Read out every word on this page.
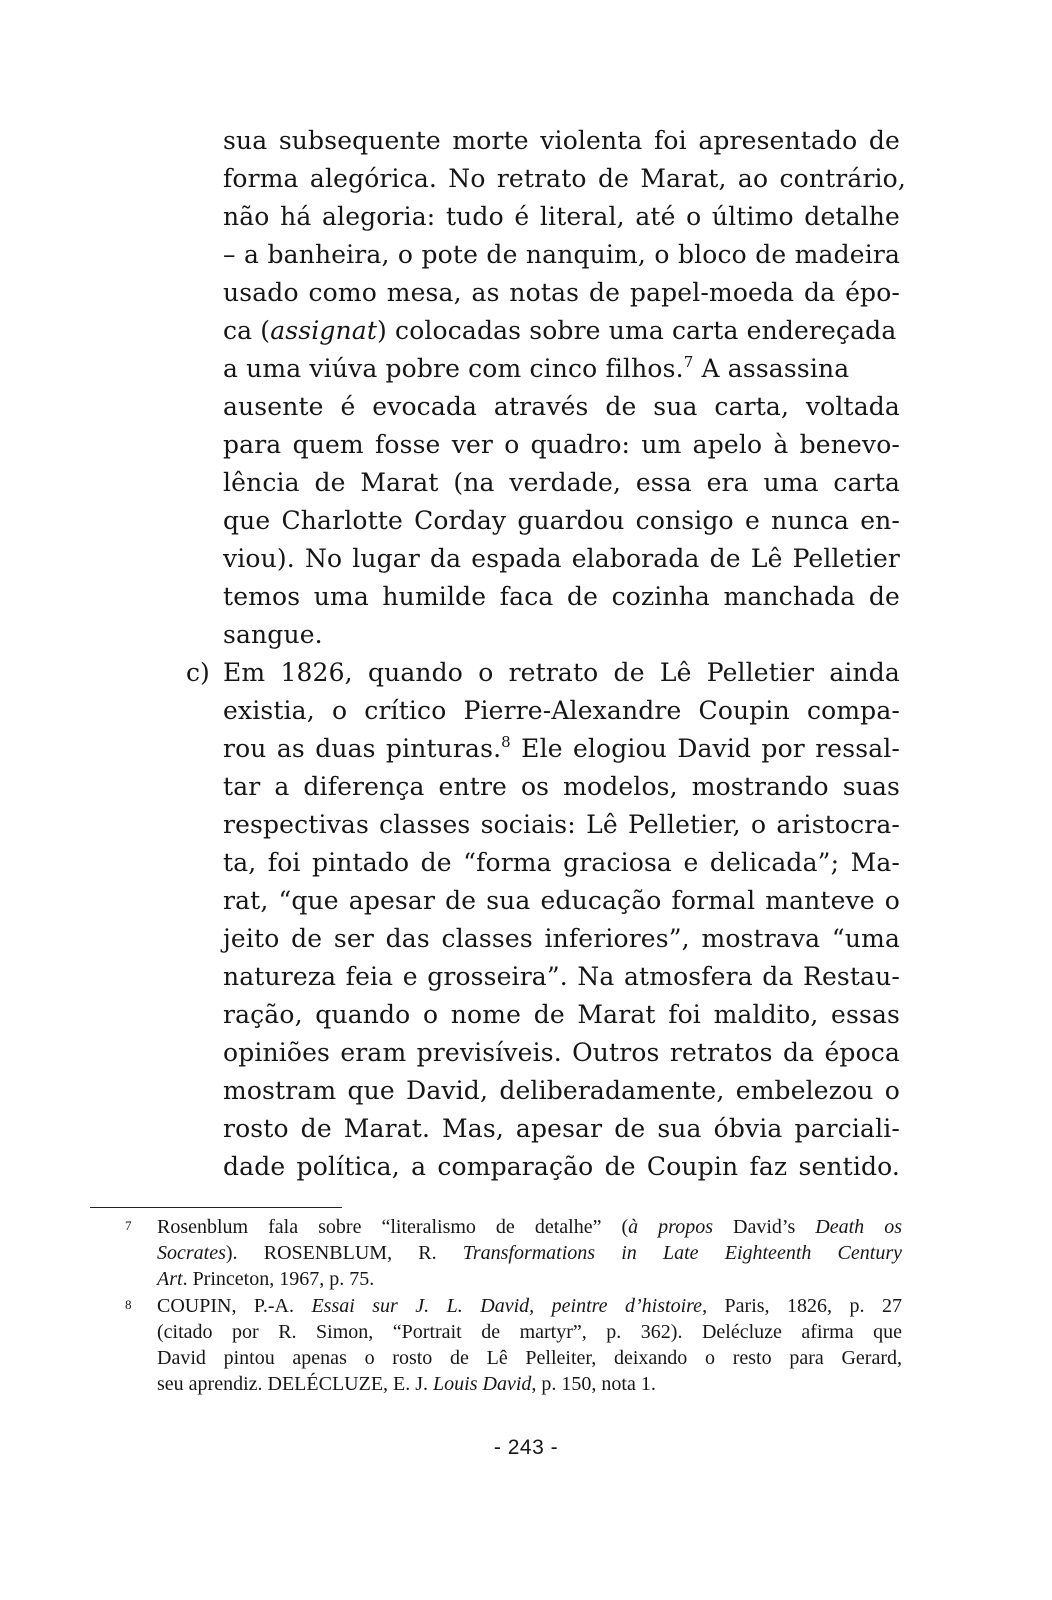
sua subsequente morte violenta foi apresentado de
forma alegórica. No retrato de Marat, ao contrário,
não há alegoria: tudo é literal, até o último detalhe
– a banheira, o pote de nanquim, o bloco de madeira
usado como mesa, as notas de papel-moeda da épo-
ca (assignat) colocadas sobre uma carta endereçada
a uma viúva pobre com cinco filhos.$^7$ A assassina
ausente é evocada através de sua carta, voltada
para quem fosse ver o quadro: um apelo à benevo-
lência de Marat (na verdade, essa era uma carta
que Charlotte Corday guardou consigo e nunca en-
viou). No lugar da espada elaborada de Lê Pelletier
temos uma humilde faca de cozinha manchada de
sangue.
c) Em 1826, quando o retrato de Lê Pelletier ainda
existia, o crítico Pierre-Alexandre Coupin compa-
rou as duas pinturas.$^8$ Ele elogiou David por ressal-
tar a diferença entre os modelos, mostrando suas
respectivas classes sociais: Lê Pelletier, o aristocra-
ta, foi pintado de “forma graciosa e delicada”; Ma-
rat, “que apesar de sua educação formal manteve o
jeito de ser das classes inferiores”, mostrava “uma
natureza feia e grosseira”. Na atmosfera da Restau-
ração, quando o nome de Marat foi maldito, essas
opiniões eram previsíveis. Outros retratos da época
mostram que David, deliberadamente, embelezou o
rosto de Marat. Mas, apesar de sua óbvia parciali-
dade política, a comparação de Coupin faz sentido.
7 Rosenblum fala sobre “literalismo de detalhe” (à propos David’s Death os
Socrates). ROSENBLUM, R. Transformations in Late Eighteenth Century
Art. Princeton, 1967, p. 75.
8 COUPIN, P.-A. Essai sur J. L. David, peintre d’histoire, Paris, 1826, p. 27
(citado por R. Simon, “Portrait de martyr”, p. 362). Delécluze afirma que
David pintou apenas o rosto de Lê Pelleiter, deixando o resto para Gerard,
seu aprendiz. DELÉCLUZE, E. J. Louis David, p. 150, nota 1.
- 243 -
